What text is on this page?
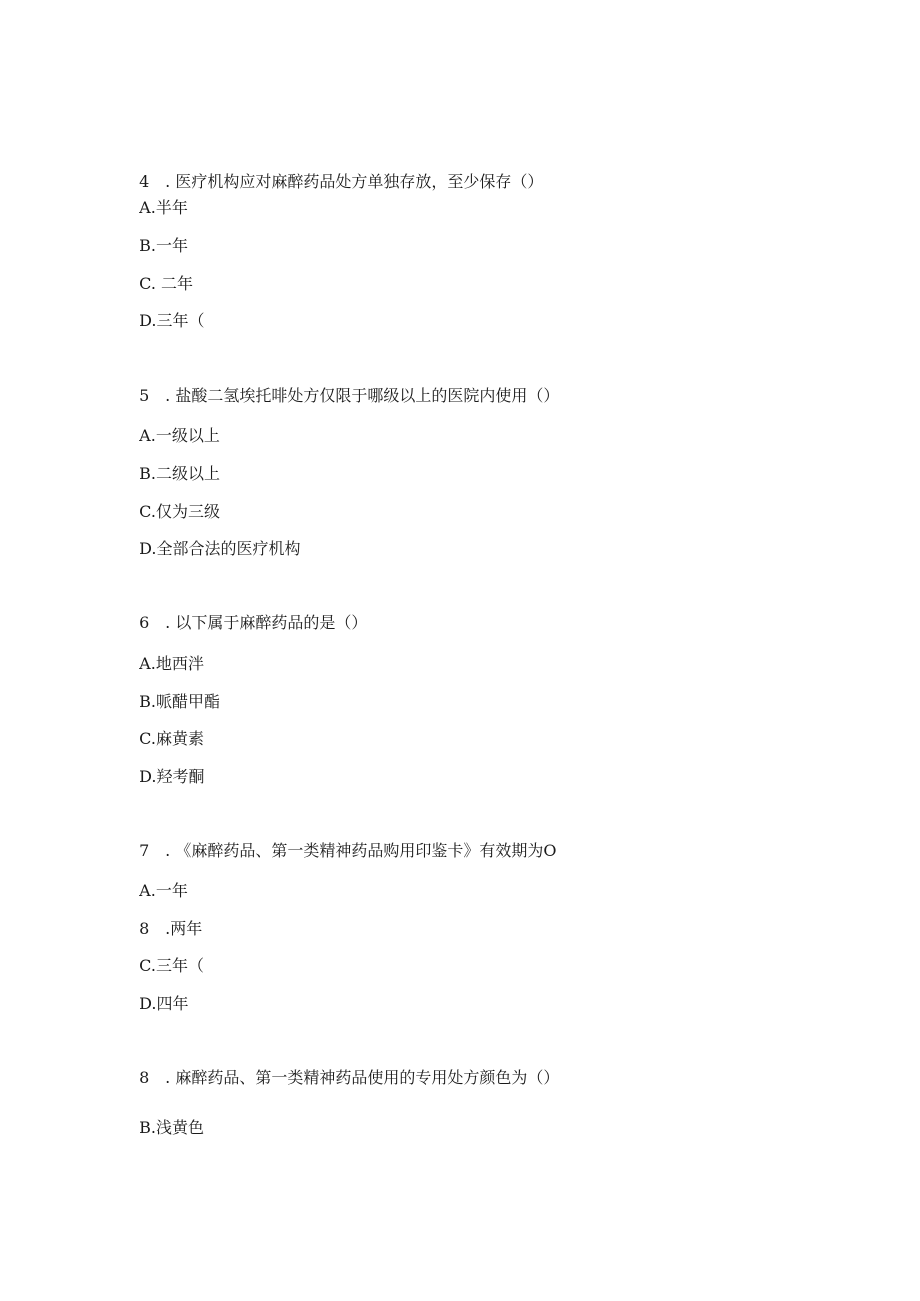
4 . 医疗机构应对麻醉药品处方单独存放，至少保存（）

A.半年

B.一年

C. 二年

D.三年（

5 . 盐酸二氢埃托啡处方仅限于哪级以上的医院内使用（）

A.一级以上

B.二级以上

C.仅为三级

D.全部合法的医疗机构

6 . 以下属于麻醉药品的是（）

A.地西泮

B.哌醋甲酯

C.麻黄素

D.羟考酮

7 . 《麻醉药品、第一类精神药品购用印鉴卡》有效期为O

A.一年

8 .两年

C.三年（

D.四年

8 . 麻醉药品、第一类精神药品使用的专用处方颜色为（）

B.浅黄色
